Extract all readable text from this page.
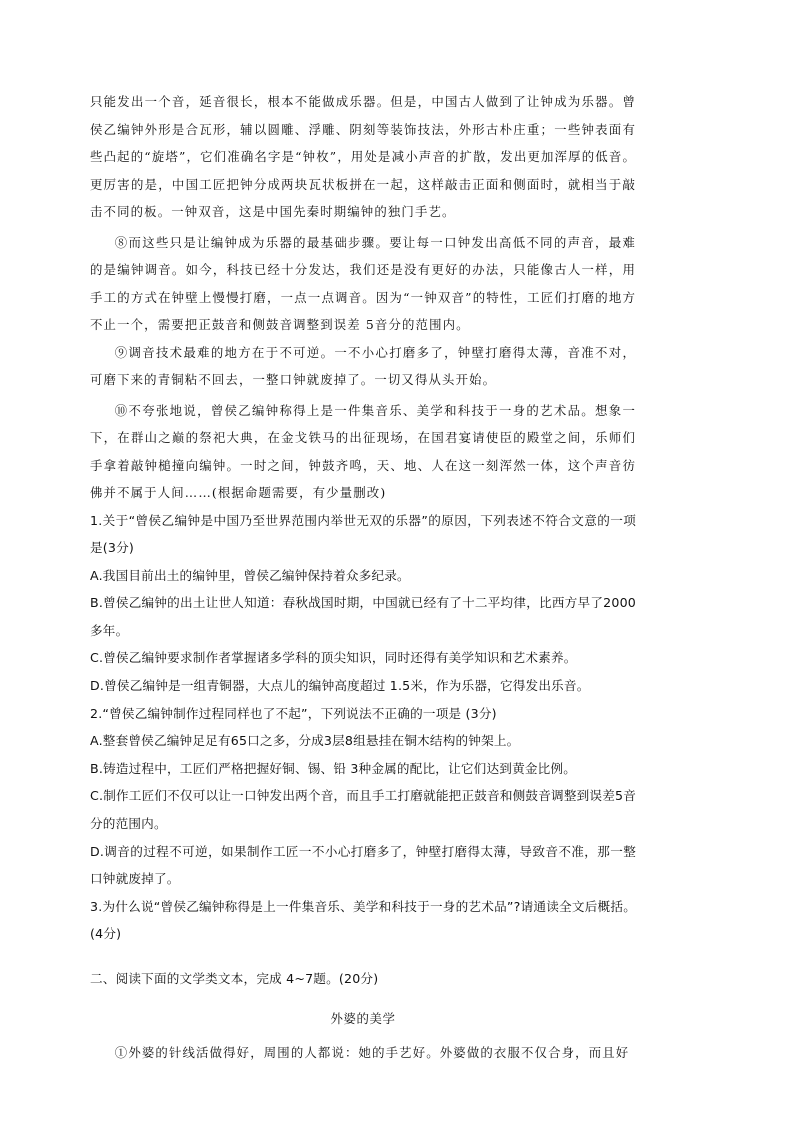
只能发出一个音，延音很长，根本不能做成乐器。但是，中国古人做到了让钟成为乐器。曾侯乙编钟外形是合瓦形，辅以圆雕、浮雕、阴刻等装饰技法，外形古朴庄重；一些钟表面有些凸起的“旋塔”，它们准确名字是“钟枚”，用处是减小声音的扩散，发出更加浑厚的低音。更厉害的是，中国工匠把钟分成两块瓦状板拼在一起，这样敲击正面和侧面时，就相当于敲击不同的板。一钟双音，这是中国先秦时期编钟的独门手艺。

⑧而这些只是让编钟成为乐器的最基础步骤。要让每一口钟发出高低不同的声音，最难的是编钟调音。如今，科技已经十分发达，我们还是没有更好的办法，只能像古人一样，用手工的方式在钟壁上慢慢打磨，一点一点调音。因为“一钟双音”的特性，工匠们打磨的地方不止一个，需要把正鼓音和侧鼓音调整到误差 5音分的范围内。

⑨调音技术最难的地方在于不可逆。一不小心打磨多了，钟壁打磨得太薄，音准不对，可磨下来的青铜粘不回去，一整口钟就废掉了。一切又得从头开始。

⑩不夸张地说，曾侯乙编钟称得上是一件集音乐、美学和科技于一身的艺术品。想象一下，在群山之巅的祭祀大典，在金戈铁马的出征现场，在国君宴请使臣的殿堂之间，乐师们手拿着敲钟槌撞向编钟。一时之间，钟鼓齐鸣，天、地、人在这一刻浑然一体，这个声音彷佛并不属于人间……(根据命题需要，有少量删改)

1.关于“曾侯乙编钟是中国乃至世界范围内举世无双的乐器”的原因，下列表述不符合文意的一项是(3分)

A.我国目前出土的编钟里，曾侯乙编钟保持着众多纪录。

B.曾侯乙编钟的出土让世人知道：春秋战国时期，中国就已经有了十二平均律，比西方早了2000多年。

C.曾侯乙编钟要求制作者掌握诸多学科的顶尖知识，同时还得有美学知识和艺术素养。

D.曾侯乙编钟是一组青铜器，大点儿的编钟高度超过 1.5米，作为乐器，它得发出乐音。

2.“曾侯乙编钟制作过程同样也了不起”，下列说法不正确的一项是 (3分)

A.整套曾侯乙编钟足足有65口之多，分成3层8组悬挂在铜木结构的钟架上。

B.铸造过程中，工匠们严格把握好铜、锡、铅 3种金属的配比，让它们达到黄金比例。

C.制作工匠们不仅可以让一口钟发出两个音，而且手工打磨就能把正鼓音和侧鼓音调整到误差5音分的范围内。

D.调音的过程不可逆，如果制作工匠一不小心打磨多了，钟壁打磨得太薄，导致音不准，那一整口钟就废掉了。

3.为什么说“曾侯乙编钟称得是上一件集音乐、美学和科技于一身的艺术品”?请通读全文后概括。(4分)

二、阅读下面的文学类文本，完成 4~7题。(20分)

外婆的美学

①外婆的针线活做得好，周围的人都说：她的手艺好。外婆做的衣服不仅合身，而且好
